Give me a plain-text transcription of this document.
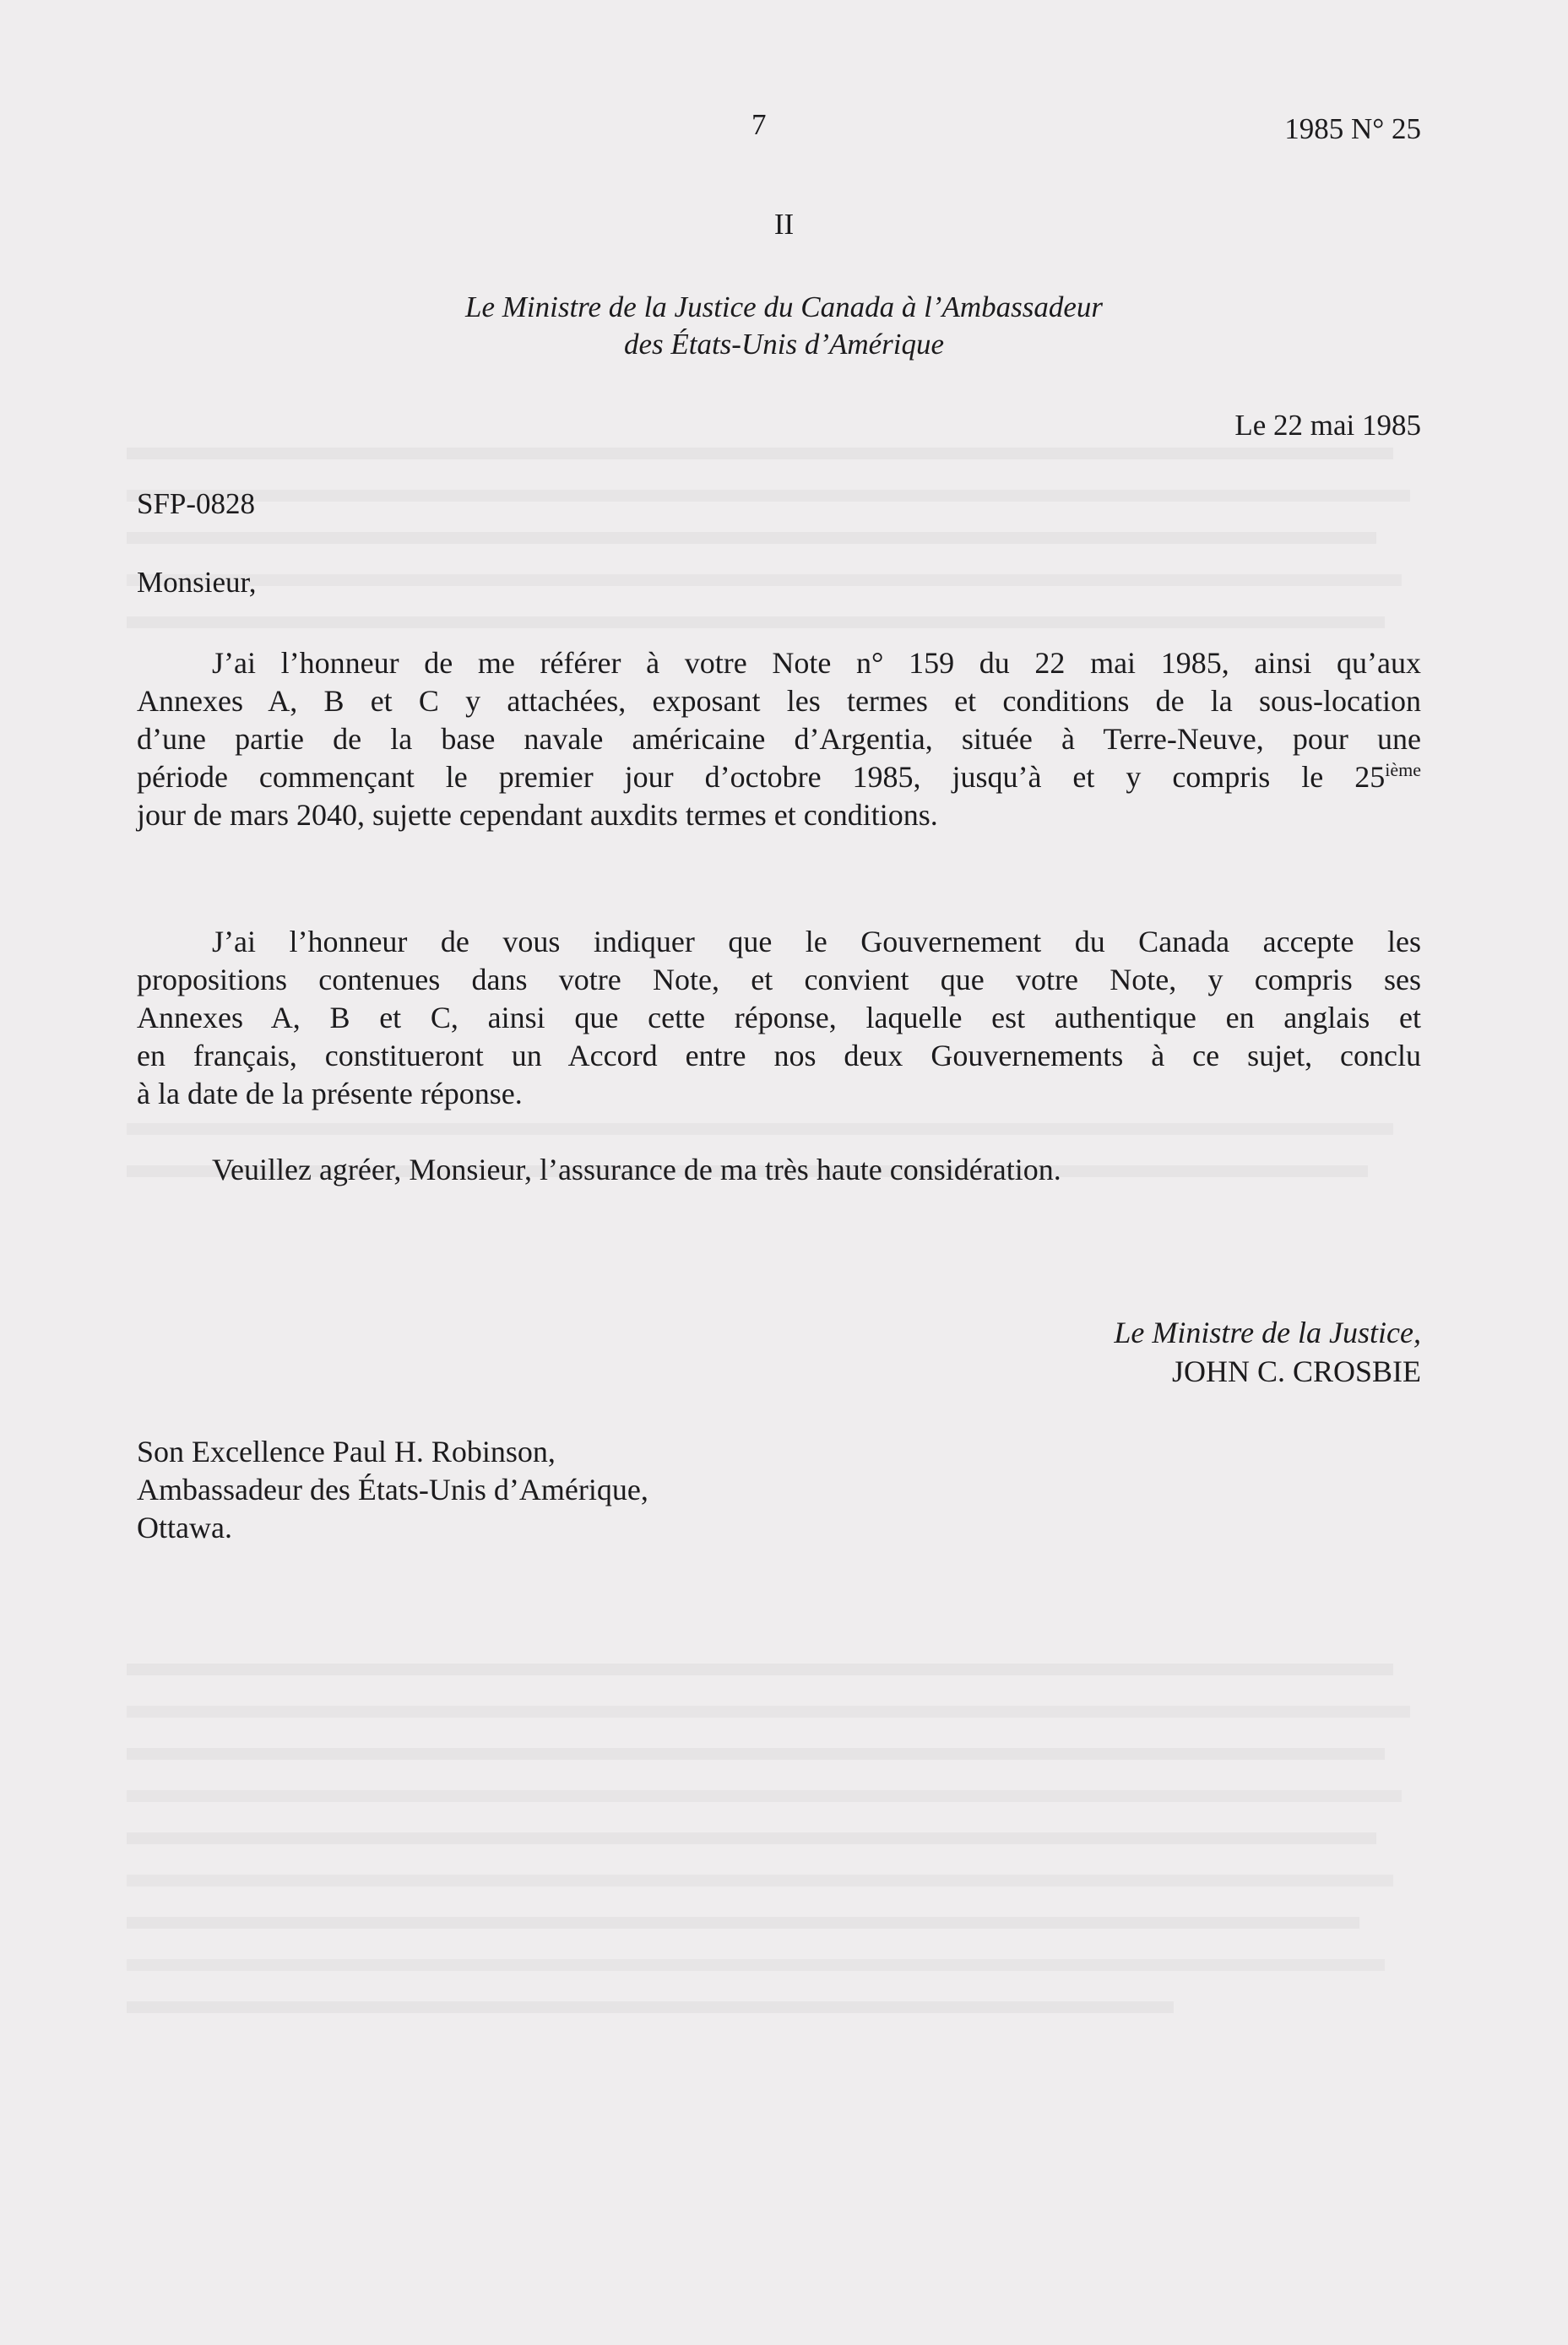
7	1985 N° 25
II
Le Ministre de la Justice du Canada à l’Ambassadeur
des États-Unis d’Amérique
Le 22 mai 1985
SFP-0828
Monsieur,
J’ai l’honneur de me référer à votre Note n° 159 du 22 mai 1985, ainsi qu’aux
Annexes A, B et C y attachées, exposant les termes et conditions de la sous-location
d’une partie de la base navale américaine d’Argentia, située à Terre-Neuve, pour une
période commençant le premier jour d’octobre 1985, jusqu’à et y compris le 25ième
jour de mars 2040, sujette cependant auxdits termes et conditions.
J’ai l’honneur de vous indiquer que le Gouvernement du Canada accepte les
propositions contenues dans votre Note, et convient que votre Note, y compris ses
Annexes A, B et C, ainsi que cette réponse, laquelle est authentique en anglais et
en français, constitueront un Accord entre nos deux Gouvernements à ce sujet, conclu
à la date de la présente réponse.
Veuillez agréer, Monsieur, l’assurance de ma très haute considération.
Le Ministre de la Justice,
JOHN C. CROSBIE
Son Excellence Paul H. Robinson,
Ambassadeur des États-Unis d’Amérique,
Ottawa.
